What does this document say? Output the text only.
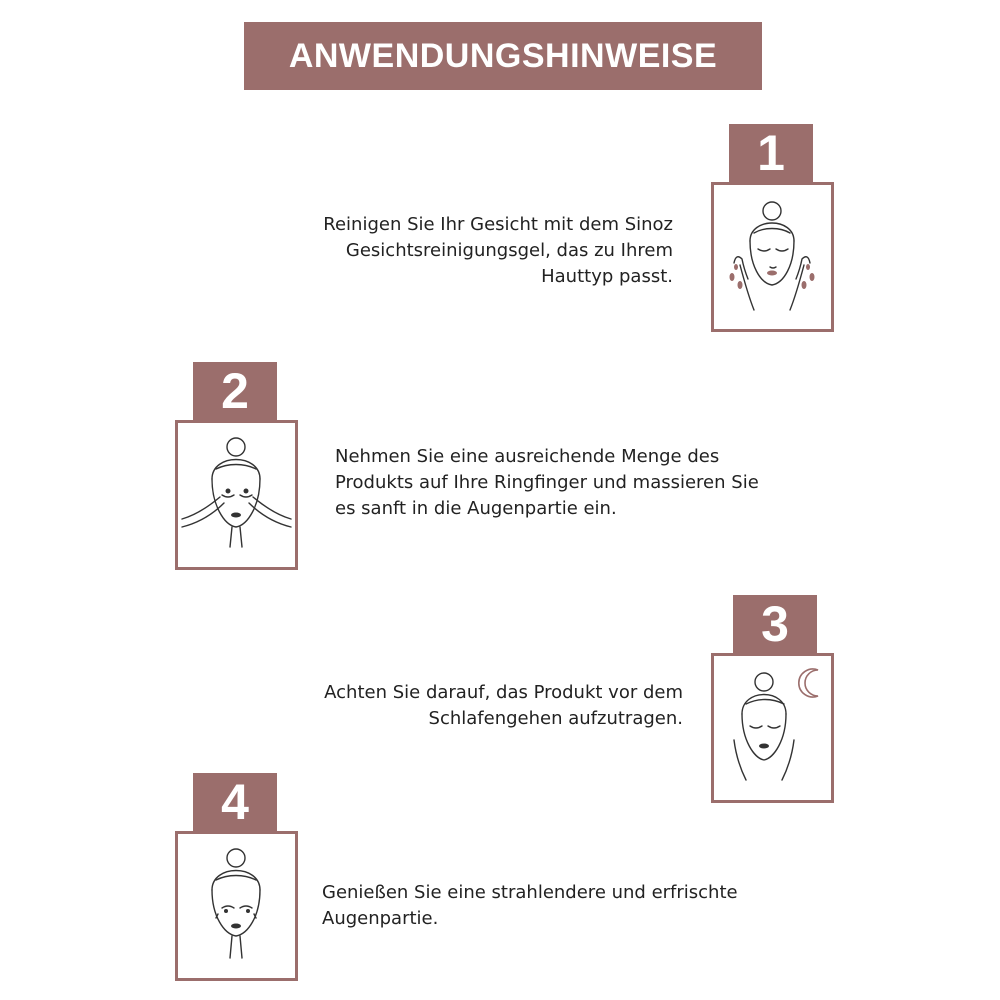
ANWENDUNGSHINWEISE
1
Reinigen Sie Ihr Gesicht mit dem Sinoz Gesichtsreinigungsgel, das zu Ihrem Hauttyp passt.
2
Nehmen Sie eine ausreichende Menge des Produkts auf Ihre Ringfinger und massieren Sie es sanft in die Augenpartie ein.
3
Achten Sie darauf, das Produkt vor dem Schlafengehen aufzutragen.
4
Genießen Sie eine strahlendere und erfrischte Augenpartie.
